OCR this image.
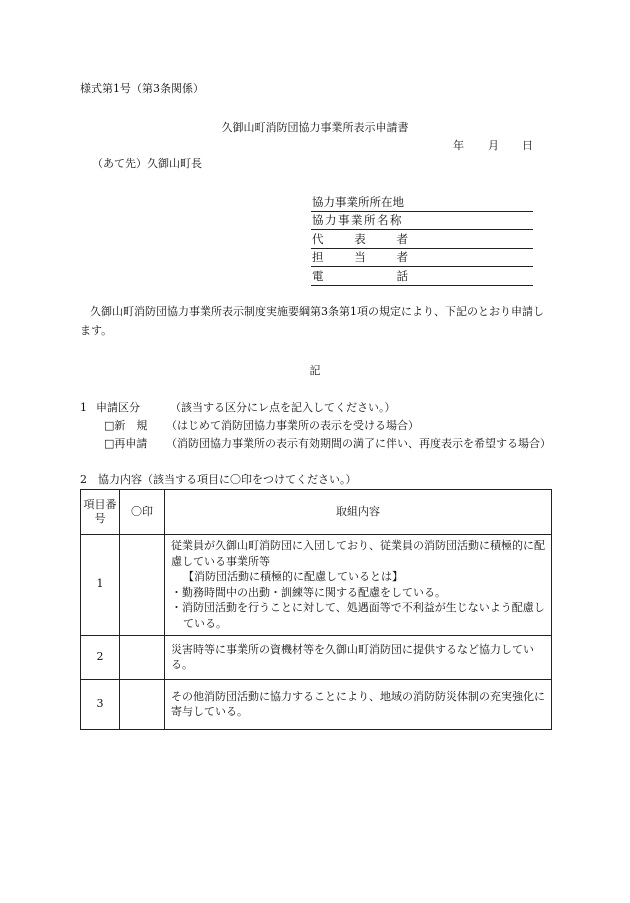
様式第1号（第3条関係）
久御山町消防団協力事業所表示申請書
年 月 日
（あて先）久御山町長
協力事業所所在地
協力事業所名称
代	表	者
担	当	者
電	話
久御山町消防団協力事業所表示制度実施要綱第3条第1項の規定により、下記のとおり申請します。
記
1 申請区分	（該当する区分にレ点を記入してください。）
□新　規 （はじめて消防団協力事業所の表示を受ける場合）
□再申請 （消防団協力事業所の表示有効期間の満了に伴い、再度表示を希望する場合）
2　協力内容（該当する項目に〇印をつけてください。）
項目番号	〇印	取組内容
1		従業員が久御山町消防団に入団しており、従業員の消防団活動に積極的に配慮している事業所等
【消防団活動に積極的に配慮しているとは】
・勤務時間中の出動・訓練等に関する配慮をしている。
・消防団活動を行うことに対して、処遇面等で不利益が生じないよう配慮している。

2		災害時等に事業所の資機材等を久御山町消防団に提供するなど協力している。

3		その他消防団活動に協力することにより、地域の消防防災体制の充実強化に寄与している。
